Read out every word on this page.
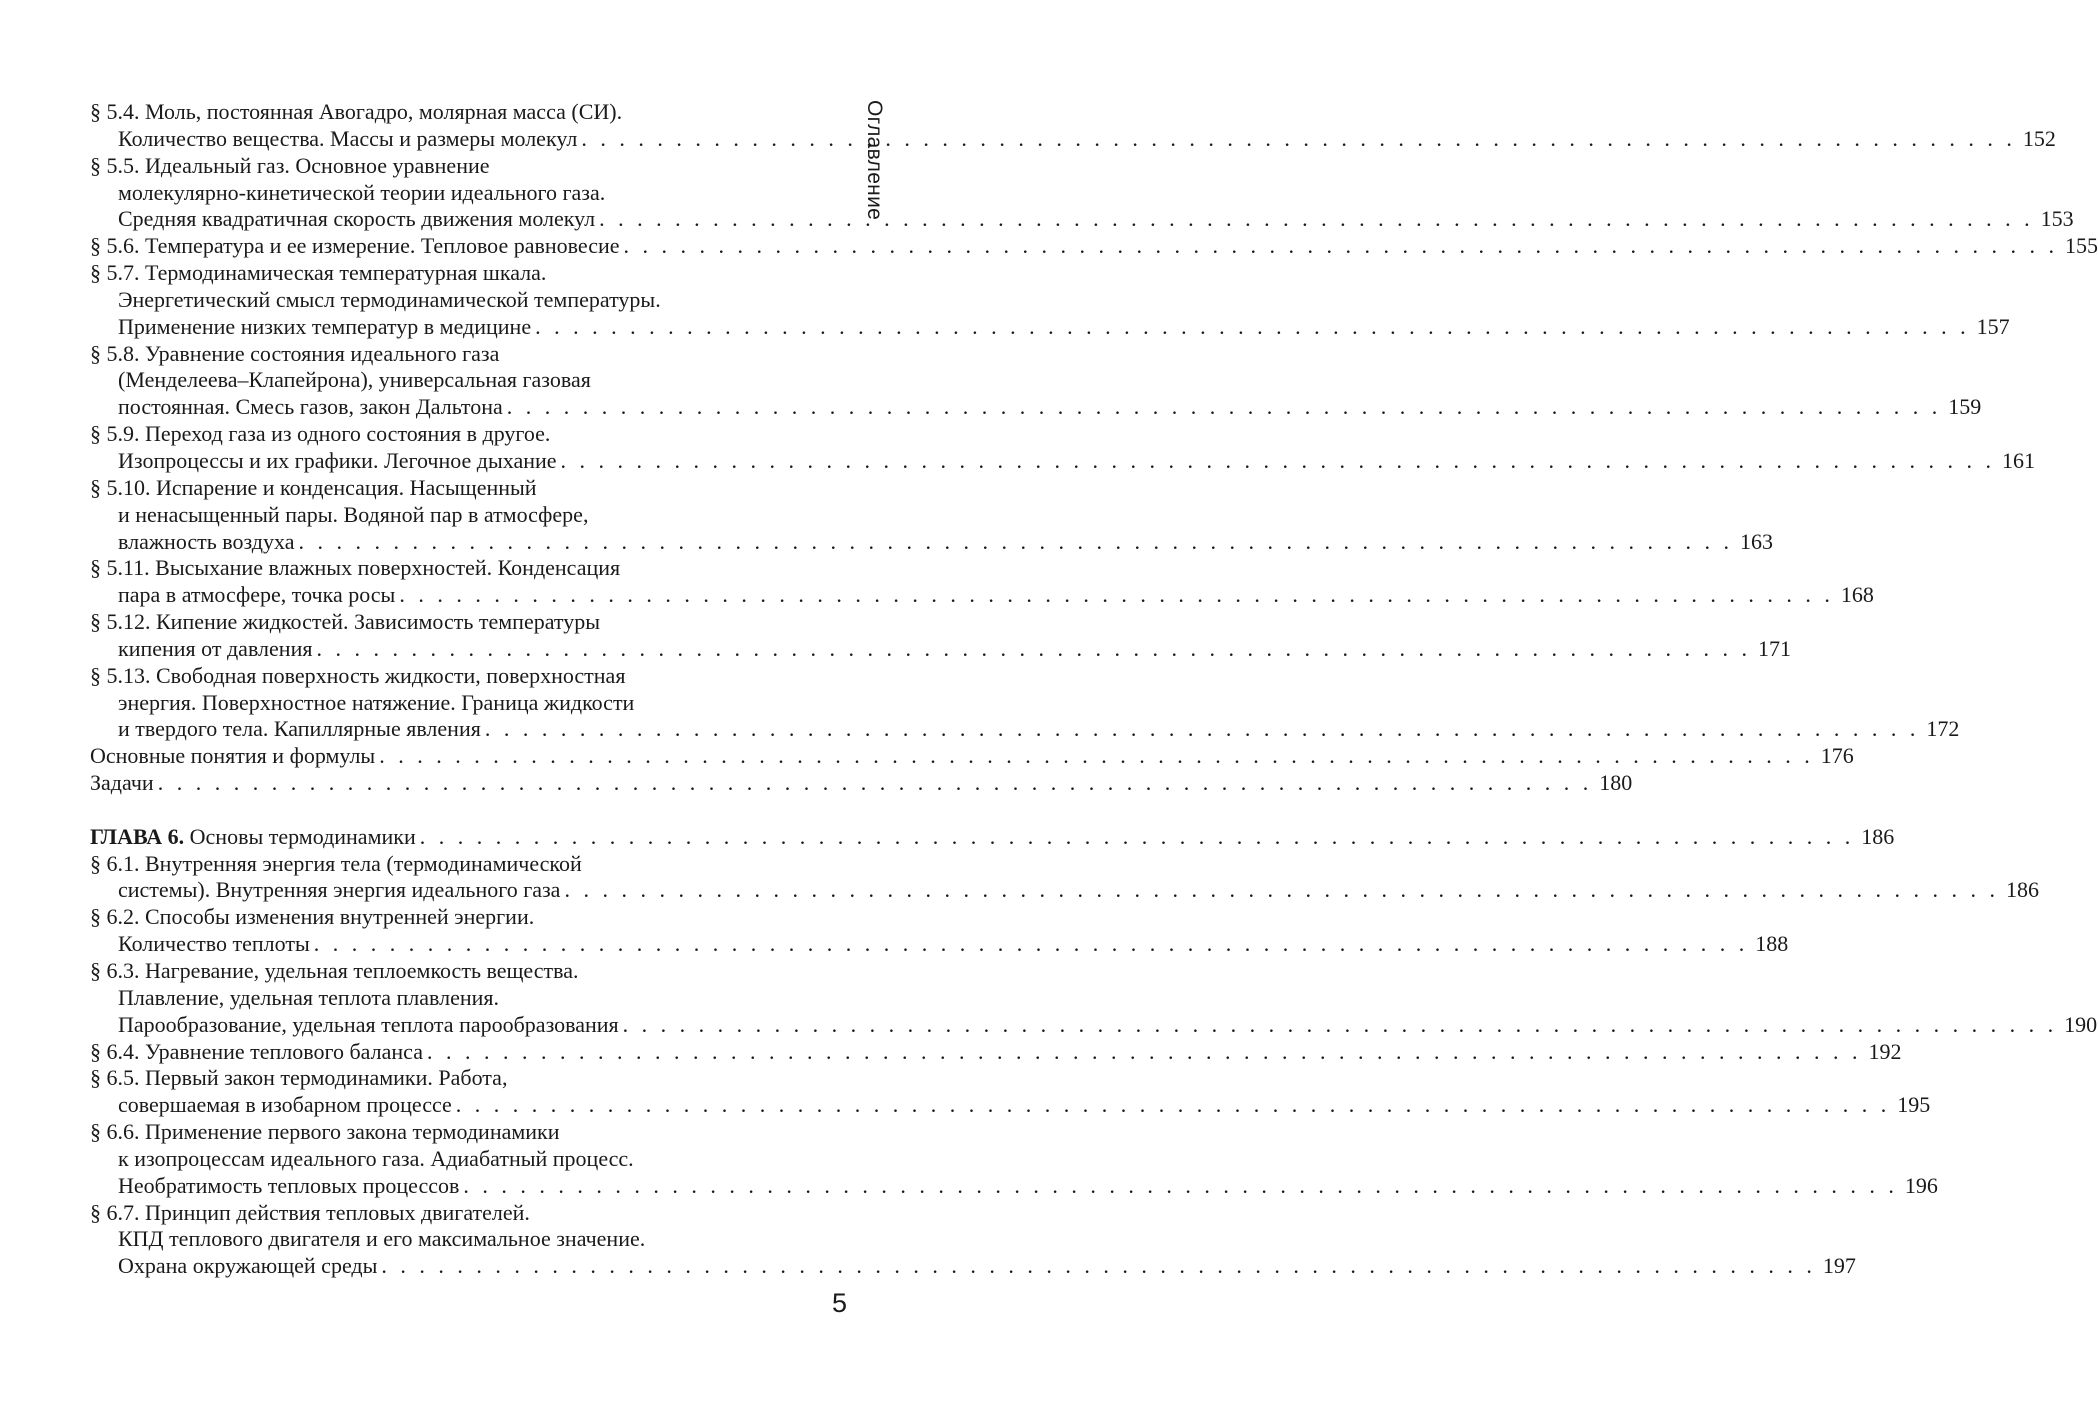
Оглавление
§ 5.4. Моль, постоянная Авогадро, молярная масса (СИ).
Количество вещества. Массы и размеры молекул . . .	152
§ 5.5. Идеальный газ. Основное уравнение
молекулярно-кинетической теории идеального газа.
Средняя квадратичная скорость движения молекул . . .	153
§ 5.6. Температура и ее измерение. Тепловое равновесие . . .	155
§ 5.7. Термодинамическая температурная шкала.
Энергетический смысл термодинамической температуры.
Применение низких температур в медицине . . .	157
§ 5.8. Уравнение состояния идеального газа
(Менделеева–Клапейрона), универсальная газовая
постоянная. Смесь газов, закон Дальтона . . .	159
§ 5.9. Переход газа из одного состояния в другое.
Изопроцессы и их графики. Легочное дыхание . . .	161
§ 5.10. Испарение и конденсация. Насыщенный
и ненасыщенный пары. Водяной пар в атмосфере,
влажность воздуха . . .	163
§ 5.11. Высыхание влажных поверхностей. Конденсация
пара в атмосфере, точка росы . . .	168
§ 5.12. Кипение жидкостей. Зависимость температуры
кипения от давления . . .	171
§ 5.13. Свободная поверхность жидкости, поверхностная
энергия. Поверхностное натяжение. Граница жидкости
и твердого тела. Капиллярные явления . . .	172
Основные понятия и формулы . . .	176
Задачи . . .	180
ГЛАВА 6. Основы термодинамики . . .	186
§ 6.1. Внутренняя энергия тела (термодинамической
системы). Внутренняя энергия идеального газа . . .	186
§ 6.2. Способы изменения внутренней энергии.
Количество теплоты . . .	188
§ 6.3. Нагревание, удельная теплоемкость вещества.
Плавление, удельная теплота плавления.
Парообразование, удельная теплота парообразования . . .	190
§ 6.4. Уравнение теплового баланса . . .	192
§ 6.5. Первый закон термодинамики. Работа,
совершаемая в изобарном процессе . . .	195
§ 6.6. Применение первого закона термодинамики
к изопроцессам идеального газа. Адиабатный процесс.
Необратимость тепловых процессов . . .	196
§ 6.7. Принцип действия тепловых двигателей.
КПД теплового двигателя и его максимальное значение.
Охрана окружающей среды . . .	197
5
